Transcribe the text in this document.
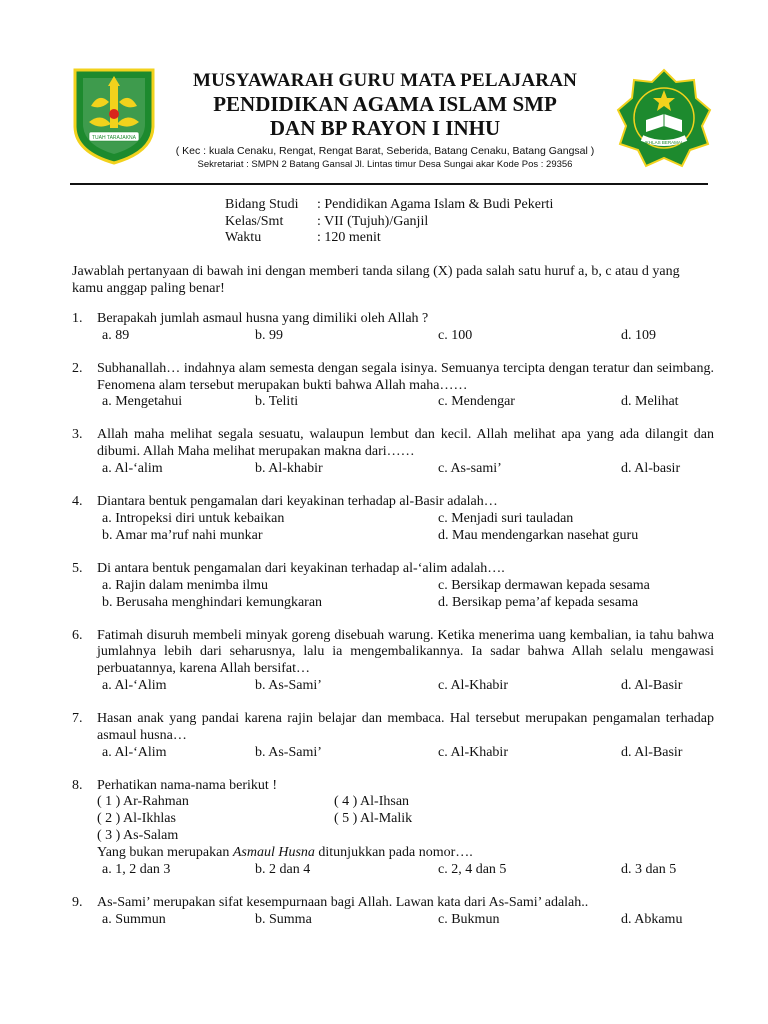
TUAH TARAJAKNA
IKHLAS BERAMAL
MUSYAWARAH GURU MATA PELAJARAN
PENDIDIKAN AGAMA ISLAM SMP
DAN BP RAYON I INHU
( Kec : kuala Cenaku, Rengat, Rengat Barat, Seberida, Batang Cenaku, Batang Gangsal )
Sekretariat : SMPN 2 Batang Gansal Jl. Lintas timur Desa Sungai akar Kode Pos : 29356
Bidang Studi	: Pendidikan Agama Islam & Budi Pekerti
Kelas/Smt	: VII (Tujuh)/Ganjil
Waktu	: 120 menit
Jawablah pertanyaan di bawah ini dengan memberi tanda silang (X) pada salah satu huruf a, b, c atau d yang kamu anggap paling benar!
1. Berapakah jumlah asmaul husna yang dimiliki oleh Allah ?
a. 89	b. 99	c. 100	d. 109
2. Subhanallah… indahnya alam semesta dengan segala isinya. Semuanya tercipta dengan teratur dan seimbang. Fenomena alam tersebut merupakan bukti bahwa Allah maha……
a. Mengetahui	b. Teliti	c. Mendengar	d. Melihat
3. Allah maha melihat segala sesuatu, walaupun lembut dan kecil. Allah melihat apa yang ada dilangit dan dibumi. Allah Maha melihat merupakan makna dari……
a. Al-‘alim	b. Al-khabir	c. As-sami’	d. Al-basir
4. Diantara bentuk pengamalan dari keyakinan terhadap al-Basir adalah…
a. Intropeksi diri untuk kebaikan	c. Menjadi suri tauladan
b. Amar ma’ruf nahi munkar	d. Mau mendengarkan nasehat guru
5. Di antara bentuk pengamalan dari keyakinan terhadap al-‘alim adalah….
a. Rajin dalam menimba ilmu	c. Bersikap dermawan kepada sesama
b. Berusaha menghindari kemungkaran	d. Bersikap pema’af kepada sesama
6. Fatimah disuruh membeli minyak goreng disebuah warung. Ketika menerima uang kembalian, ia tahu bahwa jumlahnya lebih dari seharusnya, lalu ia mengembalikannya. Ia sadar bahwa Allah selalu mengawasi perbuatannya, karena Allah bersifat…
a. Al-‘Alim	b. As-Sami’	c. Al-Khabir	d. Al-Basir
7. Hasan anak yang pandai karena rajin belajar dan membaca. Hal tersebut merupakan pengamalan terhadap asmaul husna…
a. Al-‘Alim	b. As-Sami’	c. Al-Khabir	d. Al-Basir
8. Perhatikan nama-nama berikut !
( 1 ) Ar-Rahman	( 4 ) Al-Ihsan
( 2 ) Al-Ikhlas	( 5 ) Al-Malik
( 3 ) As-Salam
Yang bukan merupakan Asmaul Husna ditunjukkan pada nomor….
a. 1, 2 dan 3	b. 2 dan 4	c. 2, 4 dan 5	d. 3 dan 5
9. As-Sami’ merupakan sifat kesempurnaan bagi Allah. Lawan kata dari As-Sami’ adalah..
a. Summun	b. Summa	c. Bukmun	d. Abkamu
